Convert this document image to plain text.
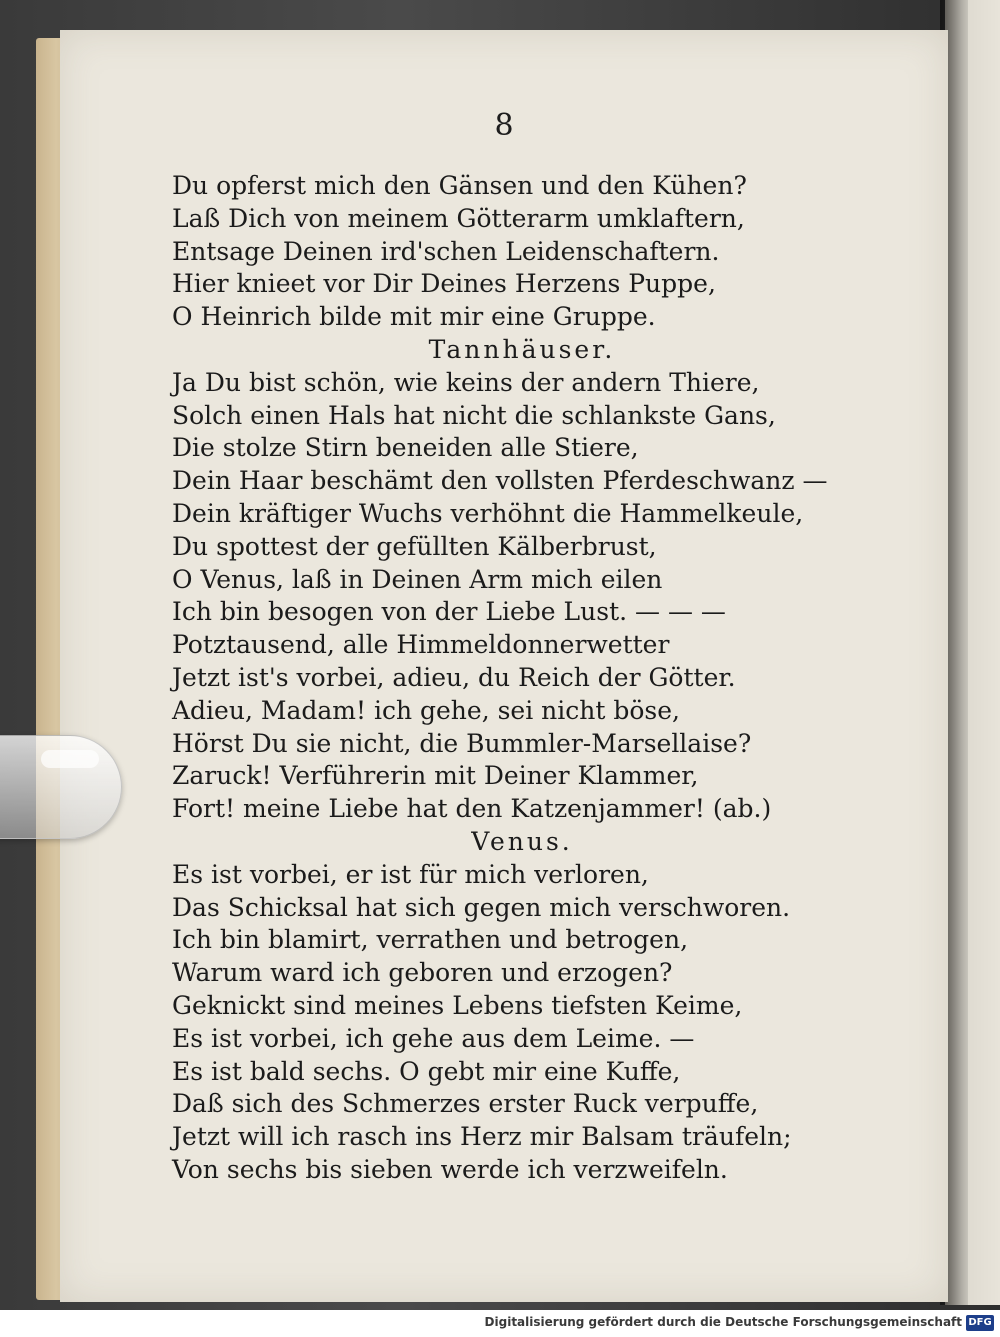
8
Du opferst mich den Gänsen und den Kühen?
Laß Dich von meinem Götterarm umklaftern,
Entsage Deinen ird'schen Leidenschaftern.
Hier knieet vor Dir Deines Herzens Puppe,
O Heinrich bilde mit mir eine Gruppe.
Tannhäuser.
Ja Du bist schön, wie keins der andern Thiere,
Solch einen Hals hat nicht die schlankste Gans,
Die stolze Stirn beneiden alle Stiere,
Dein Haar beschämt den vollsten Pferdeschwanz —
Dein kräftiger Wuchs verhöhnt die Hammelkeule,
Du spottest der gefüllten Kälberbrust,
O Venus, laß in Deinen Arm mich eilen
Ich bin besogen von der Liebe Lust. — — —
Potztausend, alle Himmeldonnerwetter
Jetzt ist's vorbei, adieu, du Reich der Götter.
Adieu, Madam! ich gehe, sei nicht böse,
Hörst Du sie nicht, die Bummler-Marsellaise?
Zaruck! Verführerin mit Deiner Klammer,
Fort! meine Liebe hat den Katzenjammer! (ab.)
Venus.
Es ist vorbei, er ist für mich verloren,
Das Schicksal hat sich gegen mich verschworen.
Ich bin blamirt, verrathen und betrogen,
Warum ward ich geboren und erzogen?
Geknickt sind meines Lebens tiefsten Keime,
Es ist vorbei, ich gehe aus dem Leime. —
Es ist bald sechs. O gebt mir eine Kuffe,
Daß sich des Schmerzes erster Ruck verpuffe,
Jetzt will ich rasch ins Herz mir Balsam träufeln;
Von sechs bis sieben werde ich verzweifeln.
Digitalisierung gefördert durch die Deutsche Forschungsgemeinschaft DFG
